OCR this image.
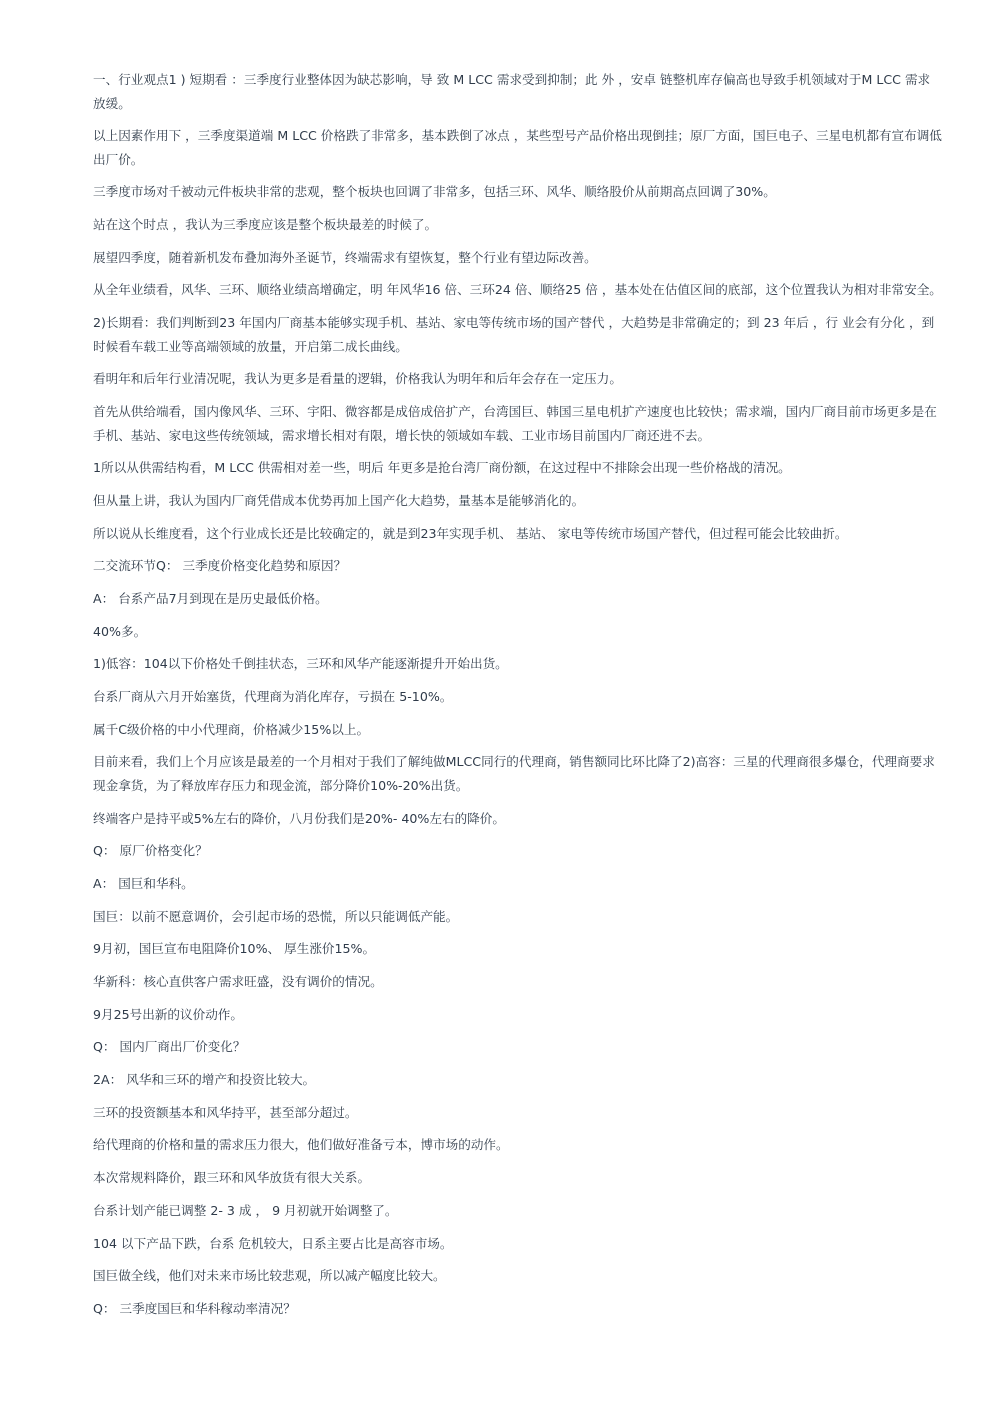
一、行业观点1 ) 短期看 ：三季度行业整体因为缺芯影响，导 致 M LCC 需求受到抑制；此 外 ，安卓 链整机库存偏高也导致手机领域对于M LCC 需求放缓。

以上因素作用下 ，三季度渠道端 M LCC 价格跌了非常多，基本跌倒了冰点 ，某些型号产品价格出现倒挂；原厂方面，国巨电子、三星电机都有宣布调低出厂价。

三季度市场对千被动元件板块非常的悲观，整个板块也回调了非常多，包括三环、风华、顺络股价从前期高点回调了30%。

站在这个时点 ，我认为三季度应该是整个板块最差的时候了。

展望四季度，随着新机发布叠加海外圣诞节，终端需求有望恢复，整个行业有望边际改善。

从全年业绩看，风华、三环、顺络业绩高增确定，明 年风华16 倍、三环24 倍、顺络25 倍 ，基本处在估值区间的底部，这个位置我认为相对非常安全。

2)长期看：我们判断到23 年国内厂商基本能够实现手机、基站、家电等传统市场的国产替代 ，大趋势是非常确定的；到 23 年后 ，行 业会有分化 ，到 时候看车载工业等高端领域的放量，开启第二成长曲线。

看明年和后年行业清况呢，我认为更多是看量的逻辑，价格我认为明年和后年会存在一定压力。

首先从供给端看，国内像风华、三环、宇阳、微容都是成倍成倍扩产，台湾国巨、韩国三星电机扩产速度也比较快；需求端，国内厂商目前市场更多是在手机、基站、家电这些传统领域，需求增长相对有限，增长快的领域如车载、工业市场目前国内厂商还进不去。

1所以从供需结构看，M LCC 供需相对差一些，明后 年更多是抢台湾厂商份额，在这过程中不排除会出现一些价格战的清况。

但从量上讲，我认为国内厂商凭借成本优势再加上国产化大趋势，量基本是能够消化的。

所以说从长维度看，这个行业成长还是比较确定的，就是到23年实现手机、 基站、 家电等传统市场国产替代，但过程可能会比较曲折。

二交流环节Q： 三季度价格变化趋势和原因？

A： 台系产品7月到现在是历史最低价格。

40%多。

1)低容：104以下价格处千倒挂状态，三环和风华产能逐渐提升开始出货。

台系厂商从六月开始塞货，代理商为消化库存，亏损在 5-10%。

属千C级价格的中小代理商，价格减少15%以上。

目前来看，我们上个月应该是最差的一个月相对于我们了解纯做MLCC同行的代理商，销售额同比环比降了2)高容：三星的代理商很多爆仓，代理商要求现金拿货，为了释放库存压力和现金流，部分降价10%-20%出货。

终端客户是持平或5%左右的降价，八月份我们是20%- 40%左右的降价。

Q： 原厂价格变化？

A： 国巨和华科。

国巨：以前不愿意调价，会引起市场的恐慌，所以只能调低产能。

9月初，国巨宣布电阻降价10%、 厚生涨价15%。

华新科：核心直供客户需求旺盛，没有调价的情况。

9月25号出新的议价动作。

Q： 国内厂商出厂价变化？

2A： 风华和三环的增产和投资比较大。

三环的投资额基本和风华持平，甚至部分超过。

给代理商的价格和量的需求压力很大，他们做好准备亏本，博市场的动作。

本次常规料降价，跟三环和风华放货有很大关系。

台系计划产能已调整 2- 3 成 ， 9 月初就开始调整了。

104 以下产品下跌，台系 危机较大，日系主要占比是高容市场。

国巨做全线，他们对未来市场比较悲观，所以减产幅度比较大。

Q： 三季度国巨和华科稼动率清况？
